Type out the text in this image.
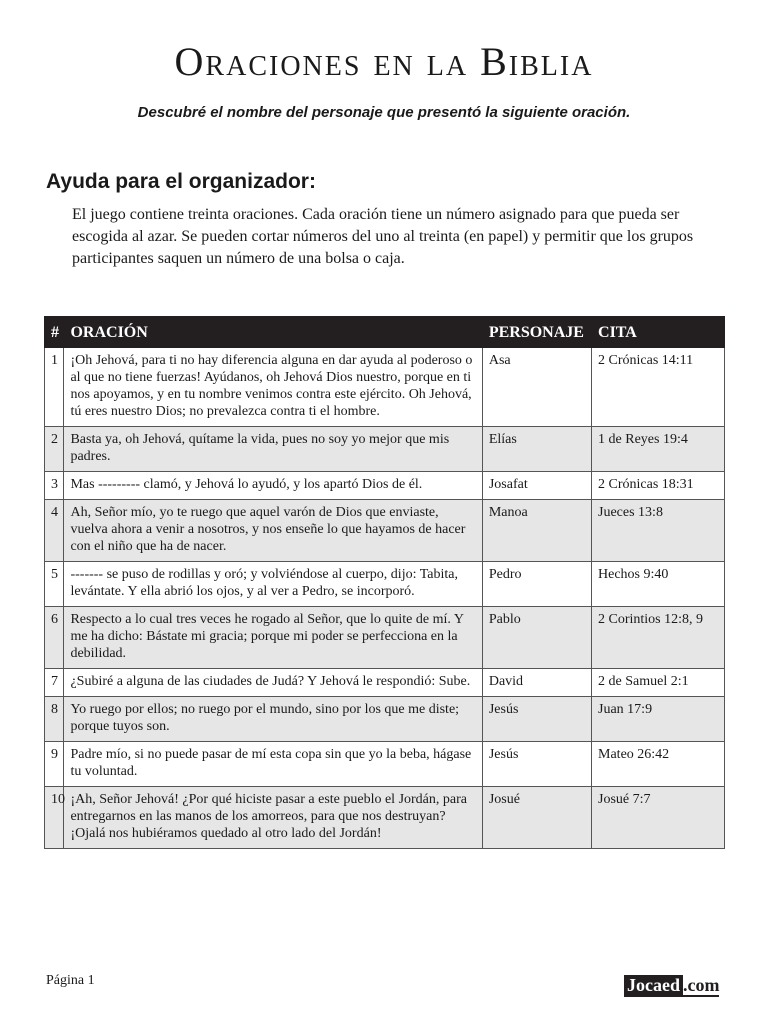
Oraciones en la Biblia

Descubré el nombre del personaje que presentó la siguiente oración.

Ayuda para el organizador:

El juego contiene treinta oraciones. Cada oración tiene un número asignado para que pueda ser escogida al azar. Se pueden cortar números del uno al treinta (en papel) y permitir que los grupos participantes saquen un número de una bolsa o caja.

#	ORACIÓN	PERSONAJE	CITA
1	¡Oh Jehová, para ti no hay diferencia alguna en dar ayuda al poderoso o al que no tiene fuerzas! Ayúdanos, oh Jehová Dios nuestro, porque en ti nos apoyamos, y en tu nombre venimos contra este ejército. Oh Jehová, tú eres nuestro Dios; no prevalezca contra ti el hombre.	Asa	2 Crónicas 14:11
2	Basta ya, oh Jehová, quítame la vida, pues no soy yo mejor que mis padres.	Elías	1 de Reyes 19:4
3	Mas --------- clamó, y Jehová lo ayudó, y los apartó Dios de él.	Josafat	2 Crónicas 18:31
4	Ah, Señor mío, yo te ruego que aquel varón de Dios que enviaste, vuelva ahora a venir a nosotros, y nos enseñe lo que hayamos de hacer con el niño que ha de nacer.	Manoa	Jueces 13:8
5	------- se puso de rodillas y oró; y volviéndose al cuerpo, dijo: Tabita, levántate. Y ella abrió los ojos, y al ver a Pedro, se incorporó.	Pedro	Hechos 9:40
6	Respecto a lo cual tres veces he rogado al Señor, que lo quite de mí. Y me ha dicho: Bástate mi gracia; porque mi poder se perfecciona en la debilidad.	Pablo	2 Corintios 12:8, 9
7	¿Subiré a alguna de las ciudades de Judá? Y Jehová le respondió: Sube.	David	2 de Samuel 2:1
8	Yo ruego por ellos; no ruego por el mundo, sino por los que me diste; porque tuyos son.	Jesús	Juan 17:9
9	Padre mío, si no puede pasar de mí esta copa sin que yo la beba, hágase tu voluntad.	Jesús	Mateo 26:42
10	¡Ah, Señor Jehová! ¿Por qué hiciste pasar a este pueblo el Jordán, para entregarnos en las manos de los amorreos, para que nos destruyan? ¡Ojalá nos hubiéramos quedado al otro lado del Jordán!	Josué	Josué 7:7
Página 1	Jocaed .com
